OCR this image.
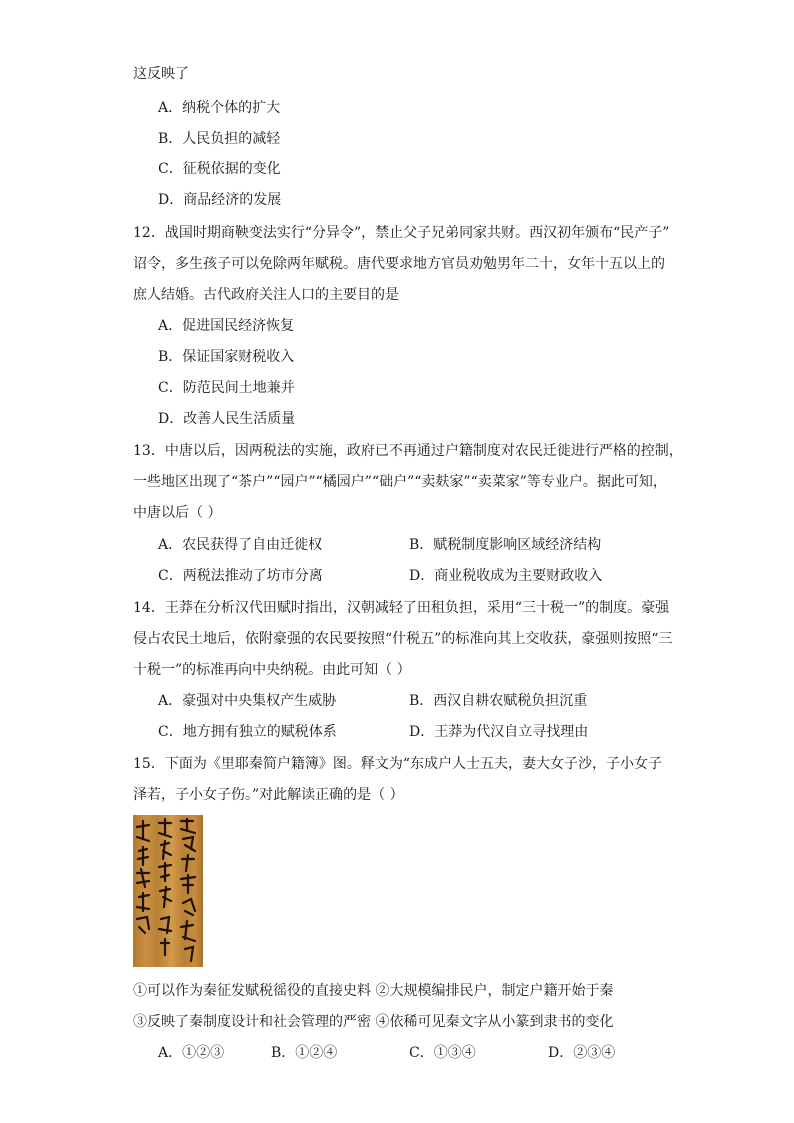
这反映了
A．纳税个体的扩大
B．人民负担的减轻
C．征税依据的变化
D．商品经济的发展
12．战国时期商鞅变法实行“分异令”，禁止父子兄弟同家共财。西汉初年颁布“民产子”
诏令，多生孩子可以免除两年赋税。唐代要求地方官员劝勉男年二十，女年十五以上的
庶人结婚。古代政府关注人口的主要目的是
A．促进国民经济恢复
B．保证国家财税收入
C．防范民间土地兼并
D．改善人民生活质量
13．中唐以后，因两税法的实施，政府已不再通过户籍制度对农民迁徙进行严格的控制，
一些地区出现了“茶户”“园户”“橘园户”“础户”“卖麸家”“卖菜家”等专业户。据此可知，
中唐以后（ ）
A．农民获得了自由迁徙权	B．赋税制度影响区域经济结构
C．两税法推动了坊市分离	D．商业税收成为主要财政收入
14．王莽在分析汉代田赋时指出，汉朝减轻了田租负担，采用“三十税一”的制度。豪强
侵占农民土地后，依附豪强的农民要按照“什税五”的标准向其上交收获，豪强则按照“三
十税一”的标准再向中央纳税。由此可知（ ）
A．豪强对中央集权产生威胁	B．西汉自耕农赋税负担沉重
C．地方拥有独立的赋税体系	D．王莽为代汉自立寻找理由
15．下面为《里耶秦简户籍簿》图。释文为“东成户人士五夫，妻大女子沙，子小女子
泽若，子小女子伤。”对此解读正确的是（ ）
①可以作为秦征发赋税徭役的直接史料 ②大规模编排民户，制定户籍开始于秦
③反映了秦制度设计和社会管理的严密 ④依稀可见秦文字从小篆到隶书的变化
A．①②③	B．①②④	C．①③④	D．②③④
